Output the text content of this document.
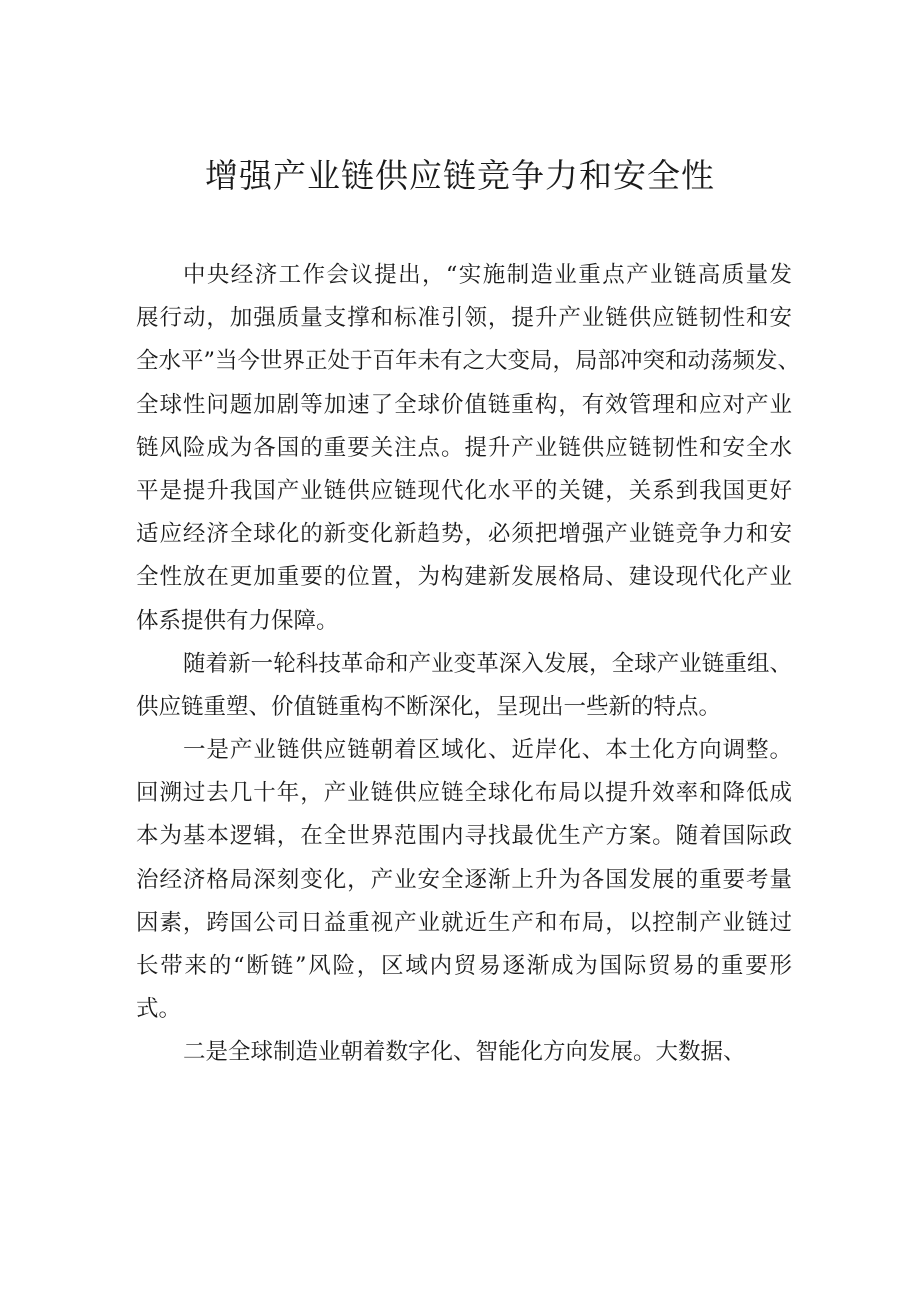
增强产业链供应链竞争力和安全性
中央经济工作会议提出，“实施制造业重点产业链高质量发
展行动，加强质量支撑和标准引领，提升产业链供应链韧性和安
全水平”当今世界正处于百年未有之大变局，局部冲突和动荡频发、
全球性问题加剧等加速了全球价值链重构，有效管理和应对产业
链风险成为各国的重要关注点。提升产业链供应链韧性和安全水
平是提升我国产业链供应链现代化水平的关键，关系到我国更好
适应经济全球化的新变化新趋势，必须把增强产业链竞争力和安
全性放在更加重要的位置，为构建新发展格局、建设现代化产业
体系提供有力保障。
随着新一轮科技革命和产业变革深入发展，全球产业链重组、
供应链重塑、价值链重构不断深化，呈现出一些新的特点。
一是产业链供应链朝着区域化、近岸化、本土化方向调整。
回溯过去几十年，产业链供应链全球化布局以提升效率和降低成
本为基本逻辑，在全世界范围内寻找最优生产方案。随着国际政
治经济格局深刻变化，产业安全逐渐上升为各国发展的重要考量
因素，跨国公司日益重视产业就近生产和布局，以控制产业链过
长带来的“断链”风险，区域内贸易逐渐成为国际贸易的重要形
式。
二是全球制造业朝着数字化、智能化方向发展。大数据、
